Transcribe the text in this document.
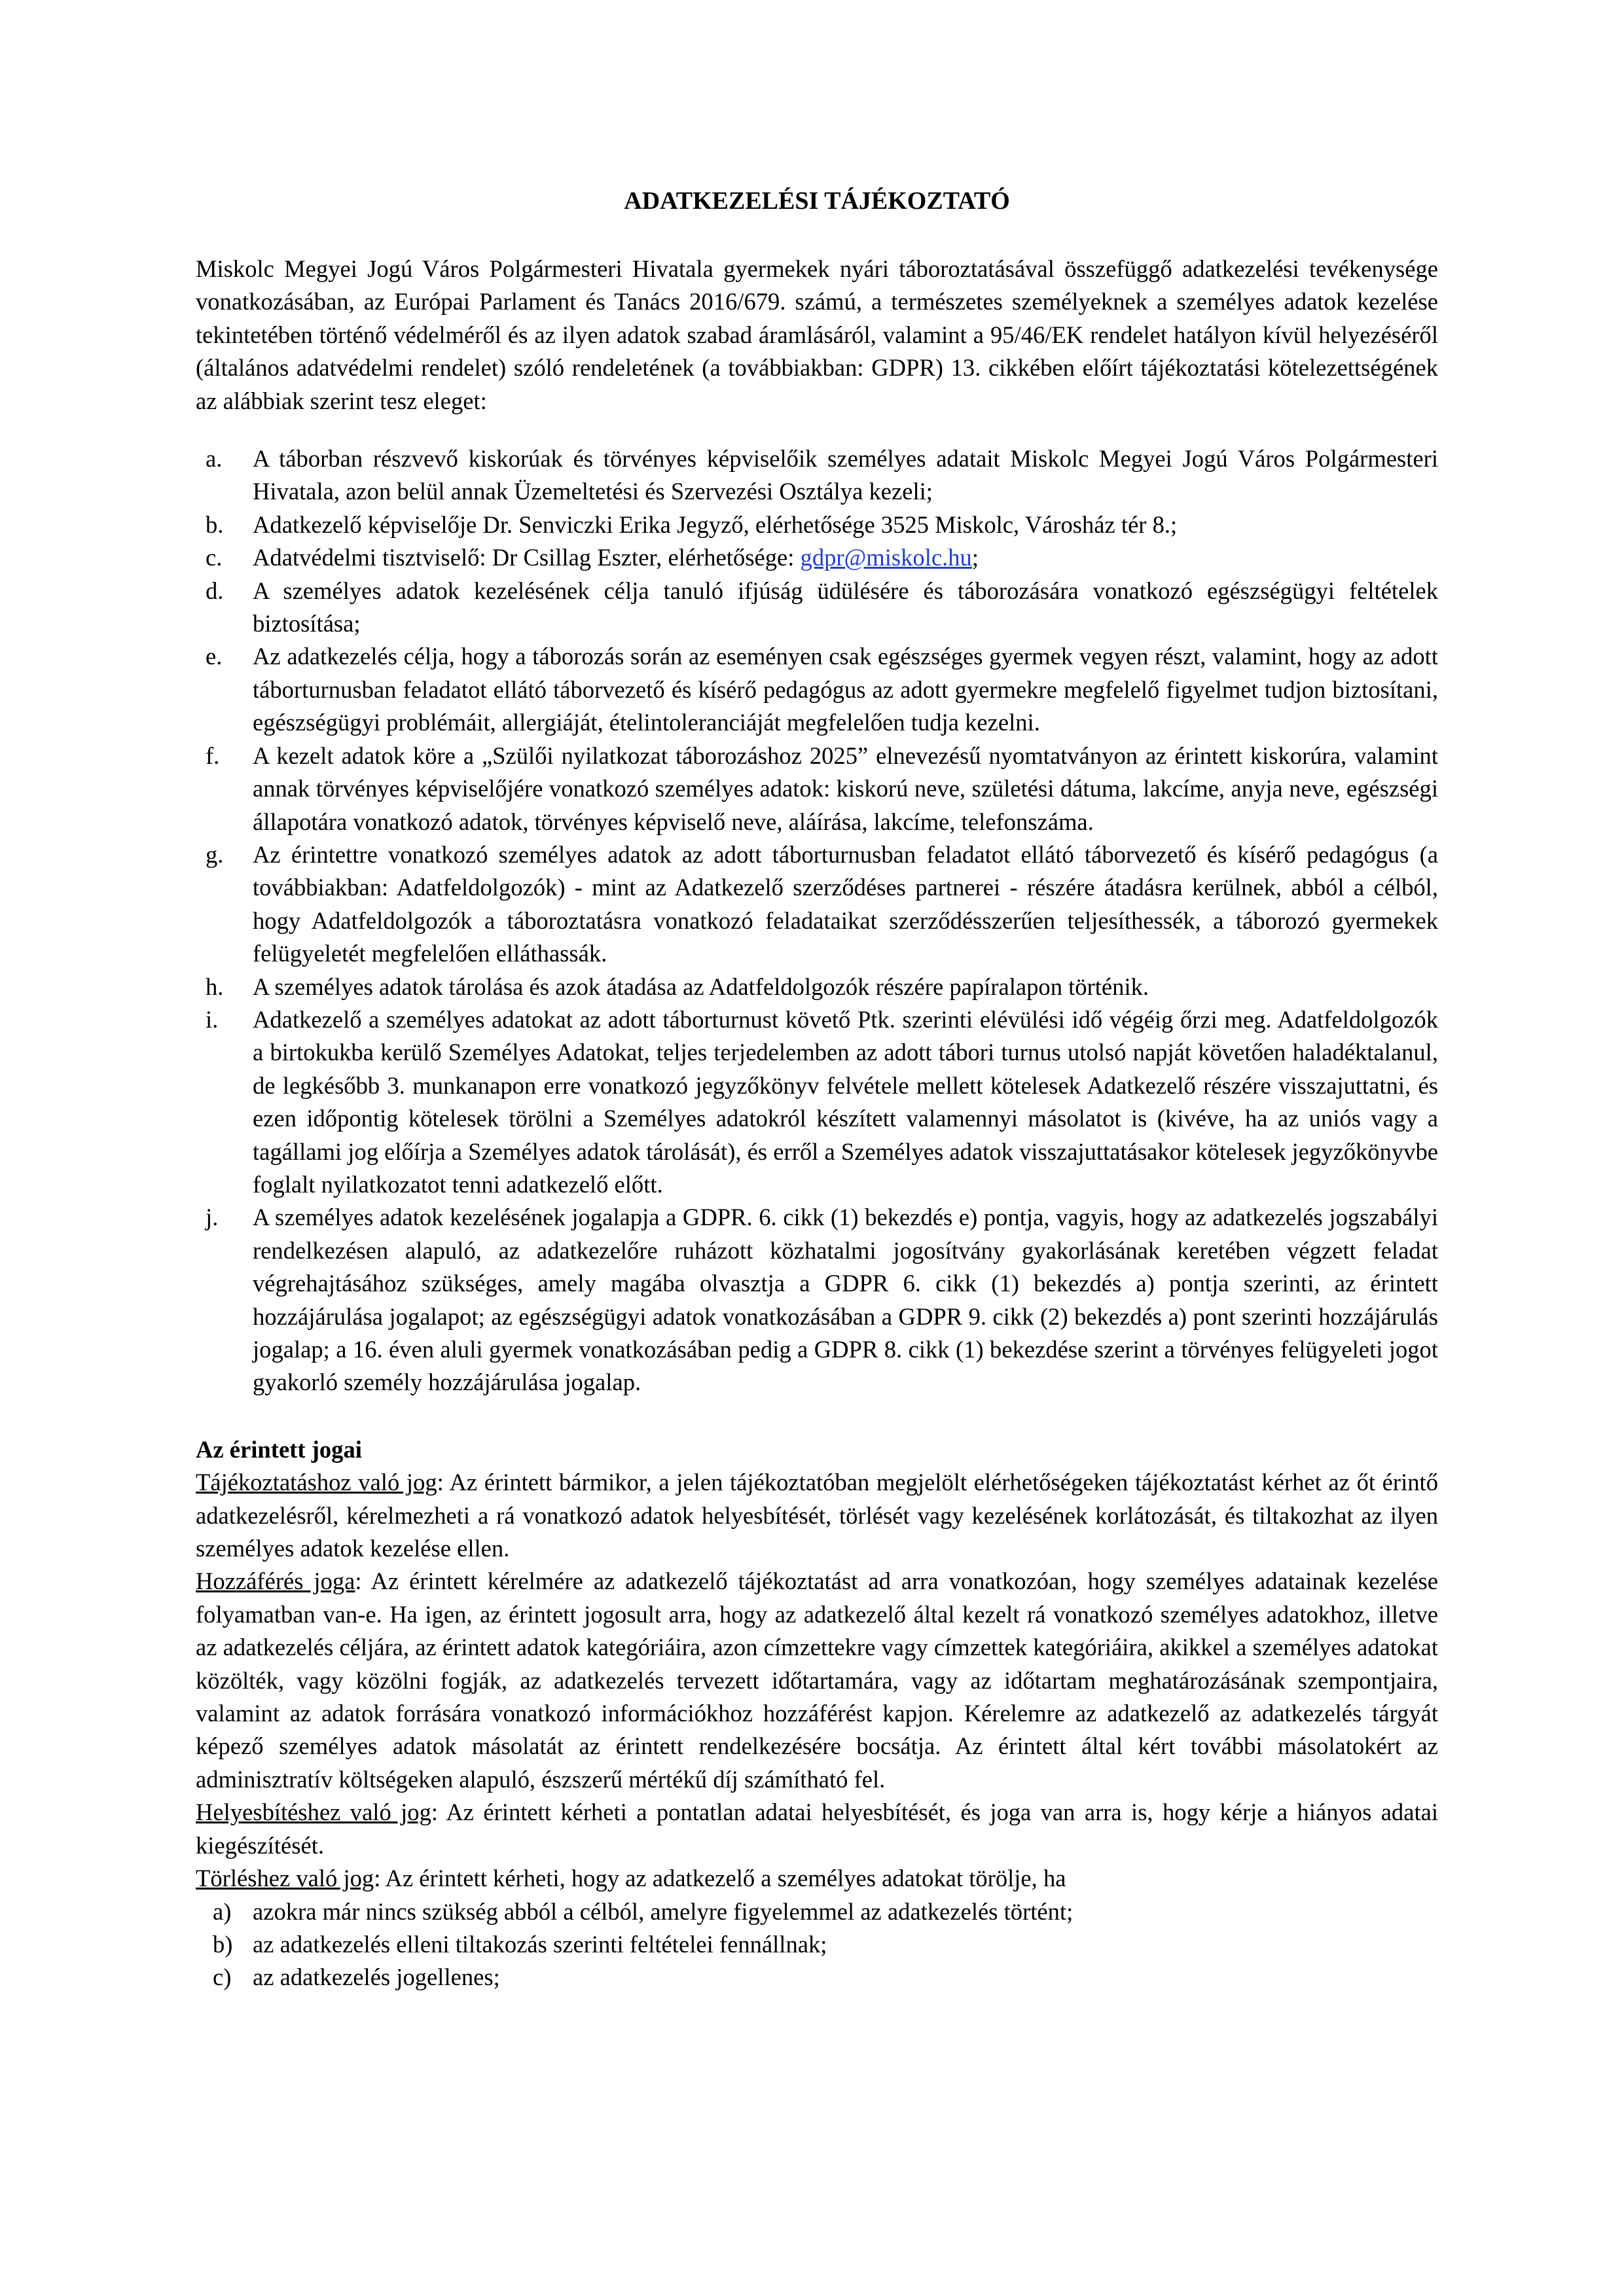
ADATKEZELÉSI TÁJÉKOZTATÓ

Miskolc Megyei Jogú Város Polgármesteri Hivatala gyermekek nyári táboroztatásával összefüggő adatkezelési tevékenysége vonatkozásában, az Európai Parlament és Tanács 2016/679. számú, a természetes személyeknek a személyes adatok kezelése tekintetében történő védelméről és az ilyen adatok szabad áramlásáról, valamint a 95/46/EK rendelet hatályon kívül helyezéséről (általános adatvédelmi rendelet) szóló rendeletének (a továbbiakban: GDPR) 13. cikkében előírt tájékoztatási kötelezettségének az alábbiak szerint tesz eleget:

a. A táborban részvevő kiskorúak és törvényes képviselőik személyes adatait Miskolc Megyei Jogú Város Polgármesteri Hivatala, azon belül annak Üzemeltetési és Szervezési Osztálya kezeli;
b. Adatkezelő képviselője Dr. Senviczki Erika Jegyző, elérhetősége 3525 Miskolc, Városház tér 8.;
c. Adatvédelmi tisztviselő: Dr Csillag Eszter, elérhetősége: gdpr@miskolc.hu;
d. A személyes adatok kezelésének célja tanuló ifjúság üdülésére és táborozására vonatkozó egészségügyi feltételek biztosítása;
e. Az adatkezelés célja, hogy a táborozás során az eseményen csak egészséges gyermek vegyen részt, valamint, hogy az adott táborturnusban feladatot ellátó táborvezető és kísérő pedagógus az adott gyermekre megfelelő figyelmet tudjon biztosítani, egészségügyi problémáit, allergiáját, ételintoleranciáját megfelelően tudja kezelni.
f. A kezelt adatok köre a „Szülői nyilatkozat táborozáshoz 2025” elnevezésű nyomtatványon az érintett kiskorúra, valamint annak törvényes képviselőjére vonatkozó személyes adatok: kiskorú neve, születési dátuma, lakcíme, anyja neve, egészségi állapotára vonatkozó adatok, törvényes képviselő neve, aláírása, lakcíme, telefonszáma.
g. Az érintettre vonatkozó személyes adatok az adott táborturnusban feladatot ellátó táborvezető és kísérő pedagógus (a továbbiakban: Adatfeldolgozók) - mint az Adatkezelő szerződéses partnerei - részére átadásra kerülnek, abból a célból, hogy Adatfeldolgozók a táboroztatásra vonatkozó feladataikat szerződésszerűen teljesíthessék, a táborozó gyermekek felügyeletét megfelelően elláthassák.
h. A személyes adatok tárolása és azok átadása az Adatfeldolgozók részére papíralapon történik.
i. Adatkezelő a személyes adatokat az adott táborturnust követő Ptk. szerinti elévülési idő végéig őrzi meg. Adatfeldolgozók a birtokukba kerülő Személyes Adatokat, teljes terjedelemben az adott tábori turnus utolsó napját követően haladéktalanul, de legkésőbb 3. munkanapon erre vonatkozó jegyzőkönyv felvétele mellett kötelesek Adatkezelő részére visszajuttatni, és ezen időpontig kötelesek törölni a Személyes adatokról készített valamennyi másolatot is (kivéve, ha az uniós vagy a tagállami jog előírja a Személyes adatok tárolását), és erről a Személyes adatok visszajuttatásakor kötelesek jegyzőkönyvbe foglalt nyilatkozatot tenni adatkezelő előtt.
j. A személyes adatok kezelésének jogalapja a GDPR. 6. cikk (1) bekezdés e) pontja, vagyis, hogy az adatkezelés jogszabályi rendelkezésen alapuló, az adatkezelőre ruházott közhatalmi jogosítvány gyakorlásának keretében végzett feladat végrehajtásához szükséges, amely magába olvasztja a GDPR 6. cikk (1) bekezdés a) pontja szerinti, az érintett hozzájárulása jogalapot; az egészségügyi adatok vonatkozásában a GDPR 9. cikk (2) bekezdés a) pont szerinti hozzájárulás jogalap; a 16. éven aluli gyermek vonatkozásában pedig a GDPR 8. cikk (1) bekezdése szerint a törvényes felügyeleti jogot gyakorló személy hozzájárulása jogalap.
Az érintett jogai

Tájékoztatáshoz való jog: Az érintett bármikor, a jelen tájékoztatóban megjelölt elérhetőségeken tájékoztatást kérhet az őt érintő adatkezelésről, kérelmezheti a rá vonatkozó adatok helyesbítését, törlését vagy kezelésének korlátozását, és tiltakozhat az ilyen személyes adatok kezelése ellen.

Hozzáférés joga: Az érintett kérelmére az adatkezelő tájékoztatást ad arra vonatkozóan, hogy személyes adatainak kezelése folyamatban van-e. Ha igen, az érintett jogosult arra, hogy az adatkezelő által kezelt rá vonatkozó személyes adatokhoz, illetve az adatkezelés céljára, az érintett adatok kategóriáira, azon címzettekre vagy címzettek kategóriáira, akikkel a személyes adatokat közölték, vagy közölni fogják, az adatkezelés tervezett időtartamára, vagy az időtartam meghatározásának szempontjaira, valamint az adatok forrására vonatkozó információkhoz hozzáférést kapjon. Kérelemre az adatkezelő az adatkezelés tárgyát képező személyes adatok másolatát az érintett rendelkezésére bocsátja. Az érintett által kért további másolatokért az adminisztratív költségeken alapuló, észszerű mértékű díj számítható fel.

Helyesbítéshez való jog: Az érintett kérheti a pontatlan adatai helyesbítését, és joga van arra is, hogy kérje a hiányos adatai kiegészítését.

Törléshez való jog: Az érintett kérheti, hogy az adatkezelő a személyes adatokat törölje, ha

a) azokra már nincs szükség abból a célból, amelyre figyelemmel az adatkezelés történt;
b) az adatkezelés elleni tiltakozás szerinti feltételei fennállnak;
c) az adatkezelés jogellenes;
